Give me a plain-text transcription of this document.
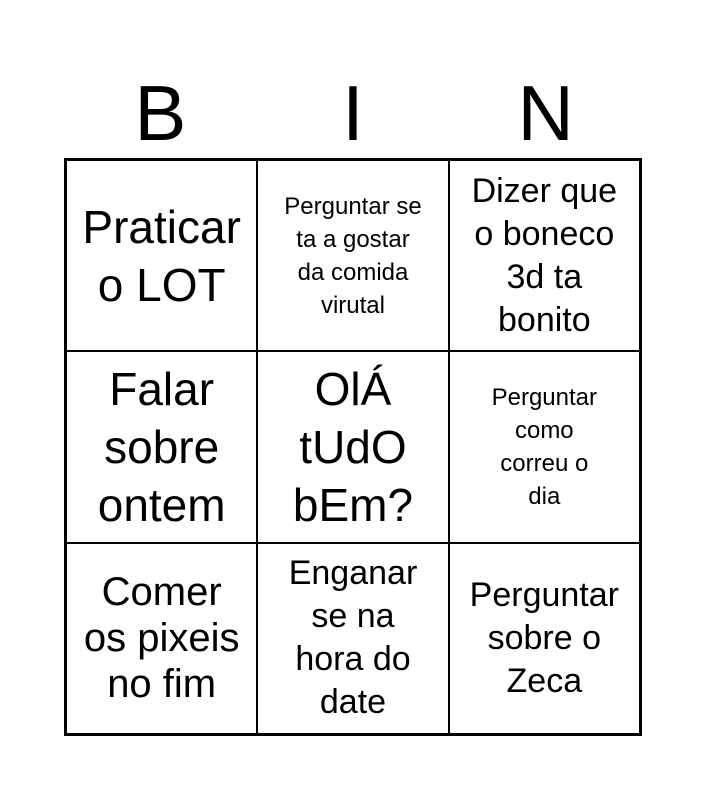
B	I	N
Praticar
o LOT
Perguntar se
ta a gostar
da comida
virutal
Dizer que
o boneco
3d ta
bonito
Falar
sobre
ontem
OlÁ
tUdO
bEm?
Perguntar
como
correu o
dia
Comer
os pixeis
no fim
Enganar
se na
hora do
date
Perguntar
sobre o
Zeca
